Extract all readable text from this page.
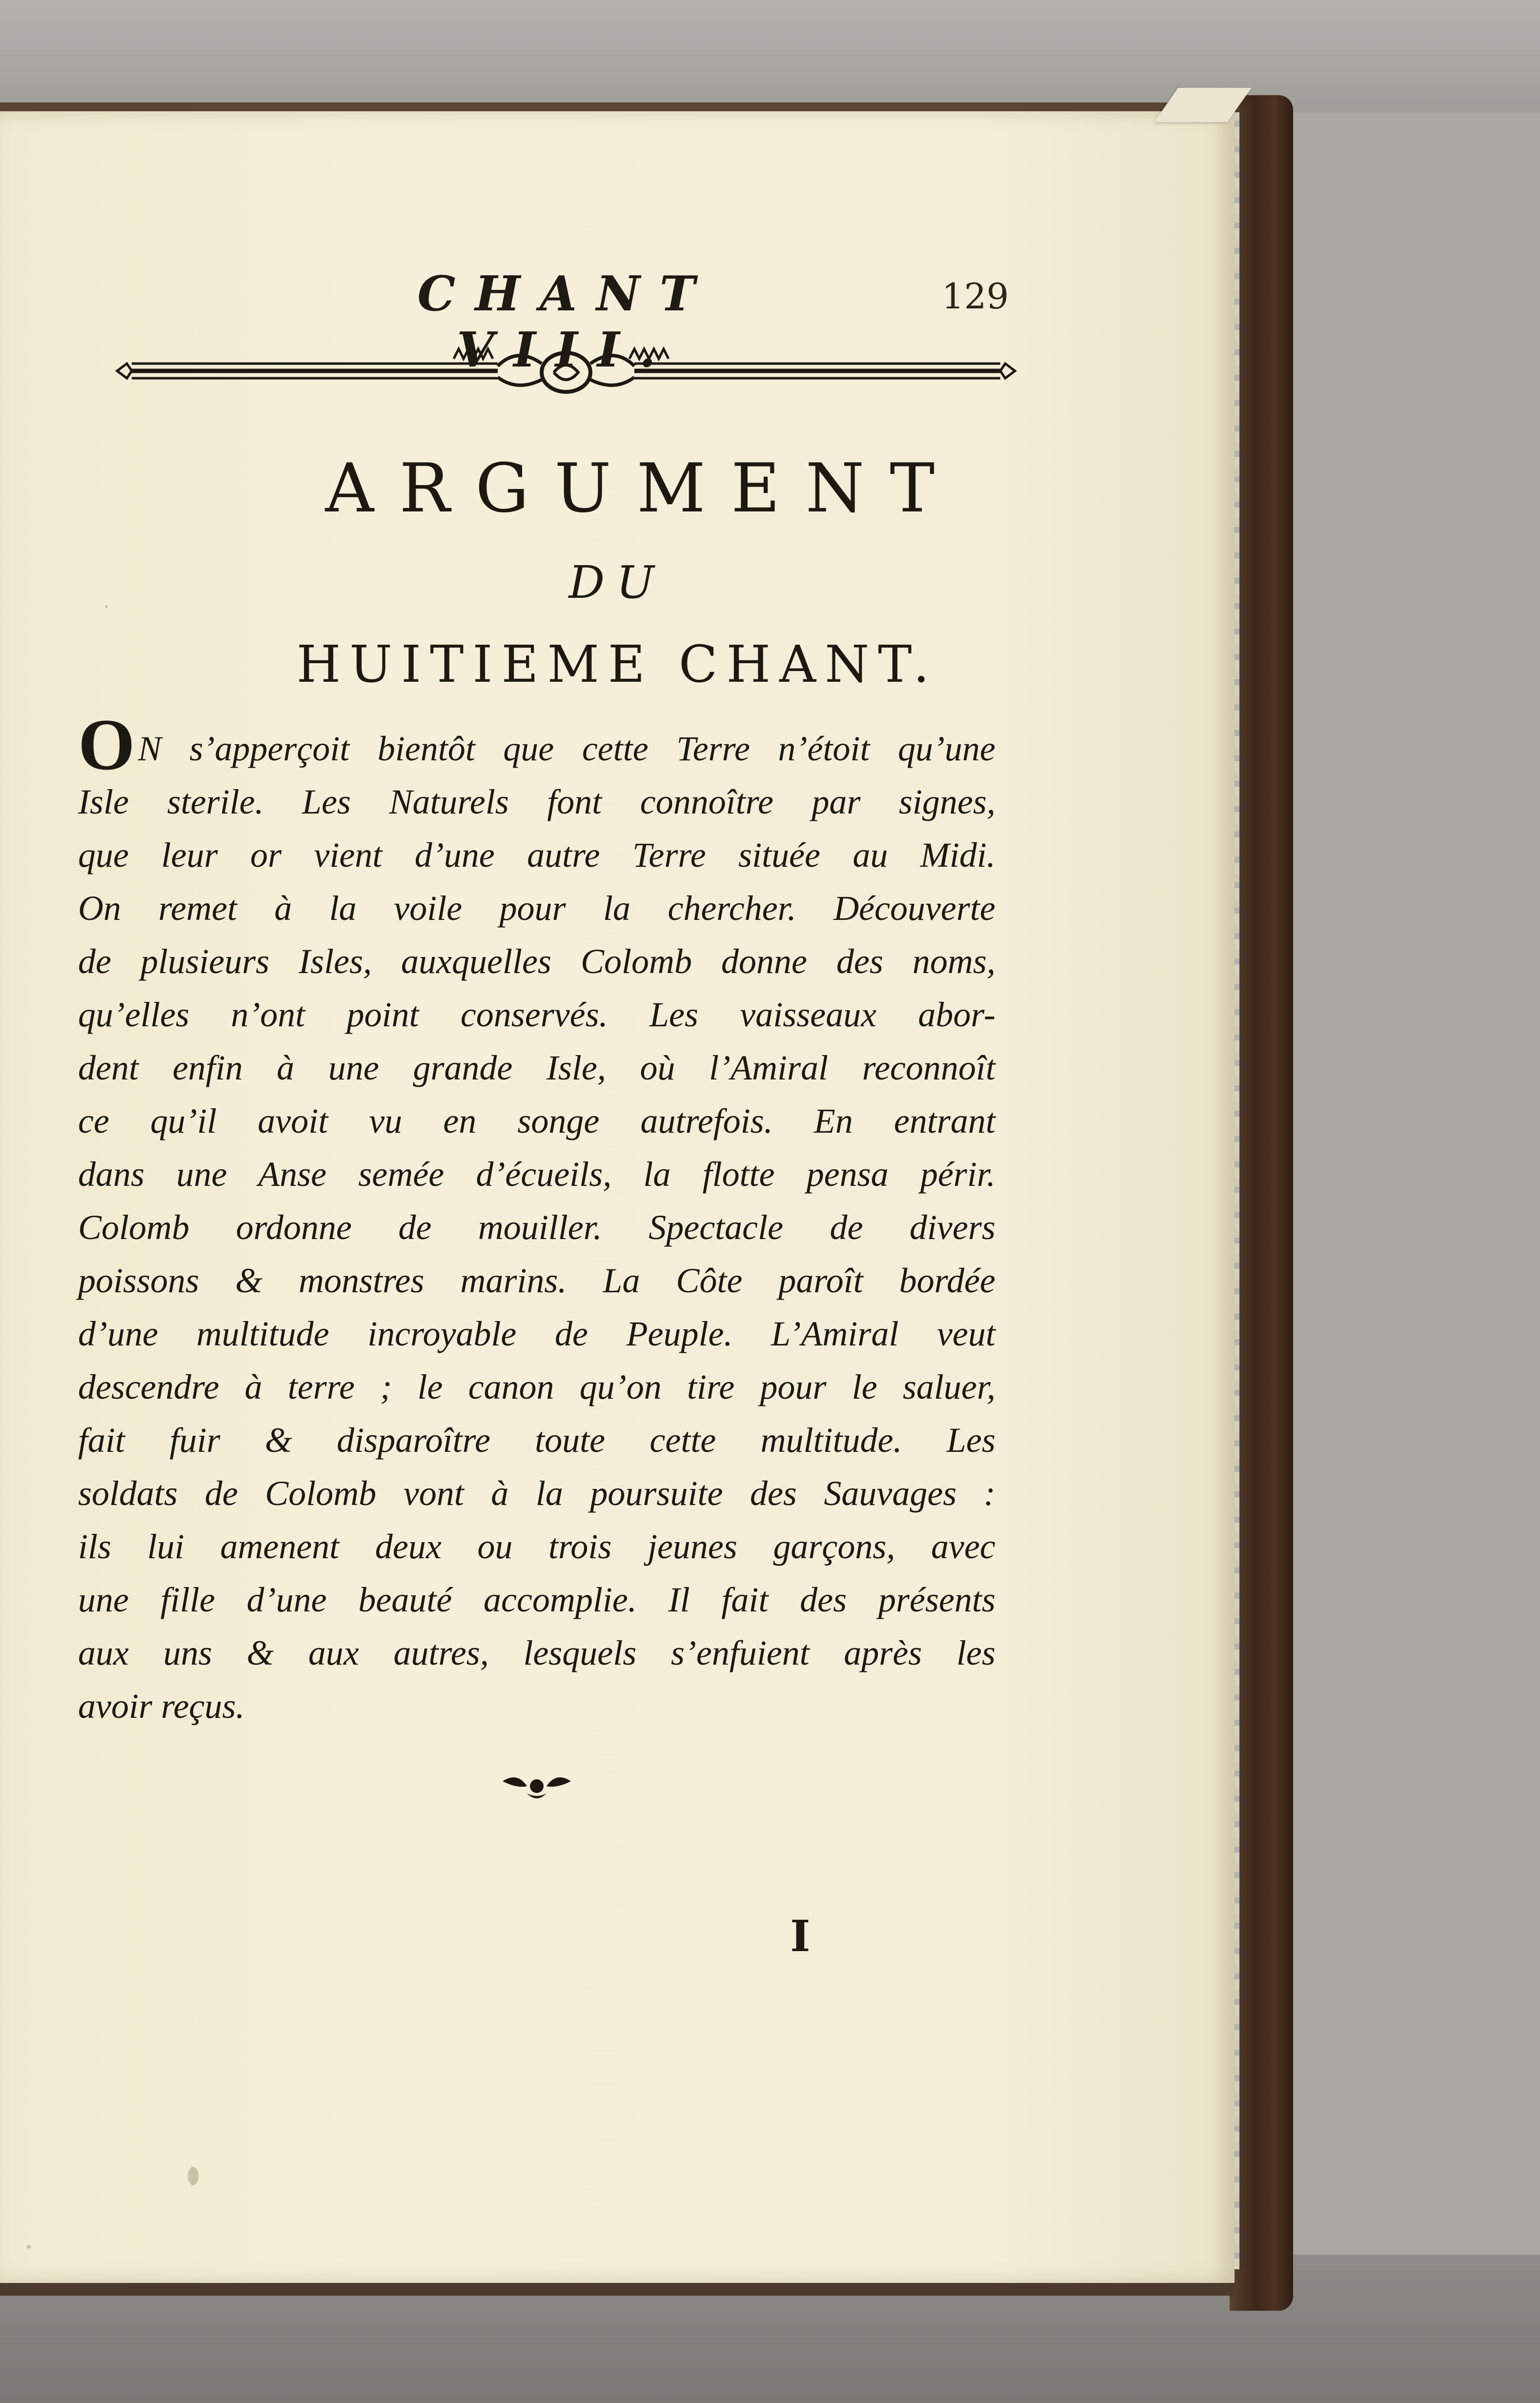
CHANT VIII.
129
ARGUMENT
DU
HUITIEME CHANT.
ON s’apperçoit bientôt que cette Terre n’étoit qu’une
Isle sterile. Les Naturels font connoître par signes,
que leur or vient d’une autre Terre située au Midi.
On remet à la voile pour la chercher. Découverte
de plusieurs Isles, auxquelles Colomb donne des noms,
qu’elles n’ont point conservés. Les vaisseaux abor-
dent enfin à une grande Isle, où l’Amiral reconnoît
ce qu’il avoit vu en songe autrefois. En entrant
dans une Anse semée d’écueils, la flotte pensa périr.
Colomb ordonne de mouiller. Spectacle de divers
poissons & monstres marins. La Côte paroît bordée
d’une multitude incroyable de Peuple. L’Amiral veut
descendre à terre ; le canon qu’on tire pour le saluer,
fait fuir & disparoître toute cette multitude. Les
soldats de Colomb vont à la poursuite des Sauvages :
ils lui amenent deux ou trois jeunes garçons, avec
une fille d’une beauté accomplie. Il fait des présents
aux uns & aux autres, lesquels s’enfuient après les
avoir reçus.
I
